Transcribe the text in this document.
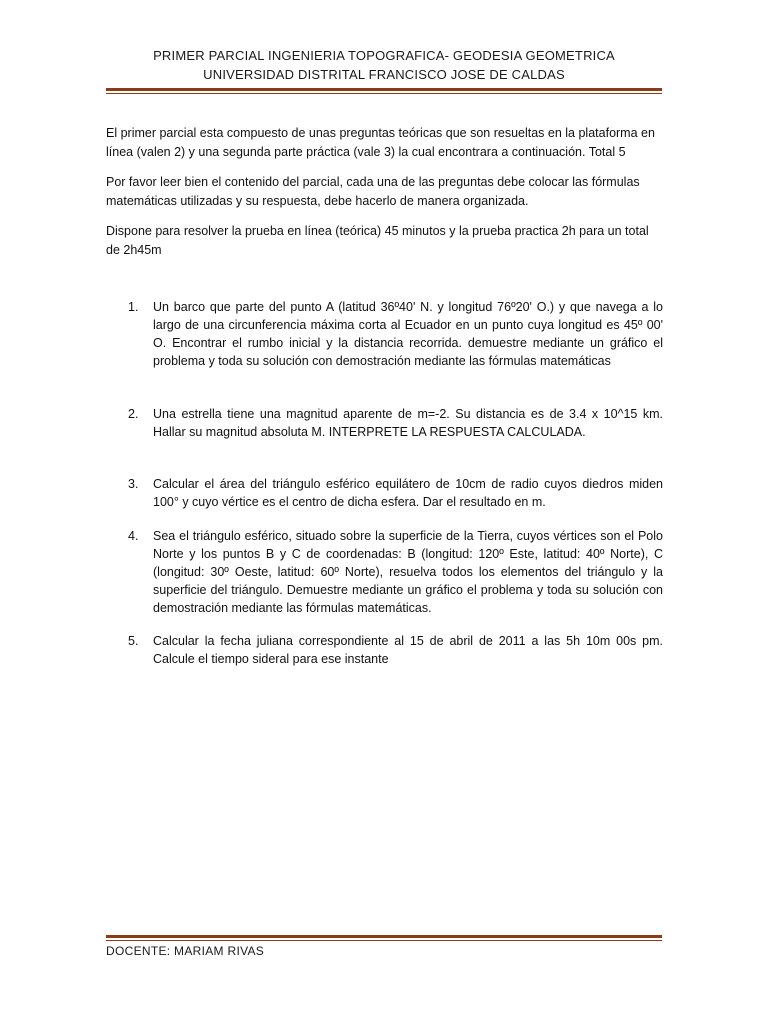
PRIMER PARCIAL INGENIERIA TOPOGRAFICA- GEODESIA GEOMETRICA
UNIVERSIDAD DISTRITAL FRANCISCO JOSE DE CALDAS

El primer parcial esta compuesto de unas preguntas teóricas que son resueltas en la plataforma en línea (valen 2) y una segunda parte práctica (vale 3) la cual encontrara a continuación. Total 5

Por favor leer bien el contenido del parcial, cada una de las preguntas debe colocar las fórmulas matemáticas utilizadas y su respuesta, debe hacerlo de manera organizada.

Dispone para resolver la prueba en línea (teórica) 45 minutos y la prueba practica 2h para un total de 2h45m

1. Un barco que parte del punto A (latitud 36º40' N. y longitud 76º20' O.) y que navega a lo largo de una circunferencia máxima corta al Ecuador en un punto cuya longitud es 45º 00' O. Encontrar el rumbo inicial y la distancia recorrida. demuestre mediante un gráfico el problema y toda su solución con demostración mediante las fórmulas matemáticas
2. Una estrella tiene una magnitud aparente de m=-2. Su distancia es de 3.4 x 10^15 km. Hallar su magnitud absoluta M. INTERPRETE LA RESPUESTA CALCULADA.
3. Calcular el área del triángulo esférico equilátero de 10cm de radio cuyos diedros miden 100° y cuyo vértice es el centro de dicha esfera. Dar el resultado en m.
4. Sea el triángulo esférico, situado sobre la superficie de la Tierra, cuyos vértices son el Polo Norte y los puntos B y C de coordenadas: B (longitud: 120º Este, latitud: 40º Norte), C (longitud: 30º Oeste, latitud: 60º Norte), resuelva todos los elementos del triángulo y la superficie del triángulo. Demuestre mediante un gráfico el problema y toda su solución con demostración mediante las fórmulas matemáticas.
5. Calcular la fecha juliana correspondiente al 15 de abril de 2011 a las 5h 10m 00s pm. Calcule el tiempo sideral para ese instante
DOCENTE: MARIAM RIVAS
